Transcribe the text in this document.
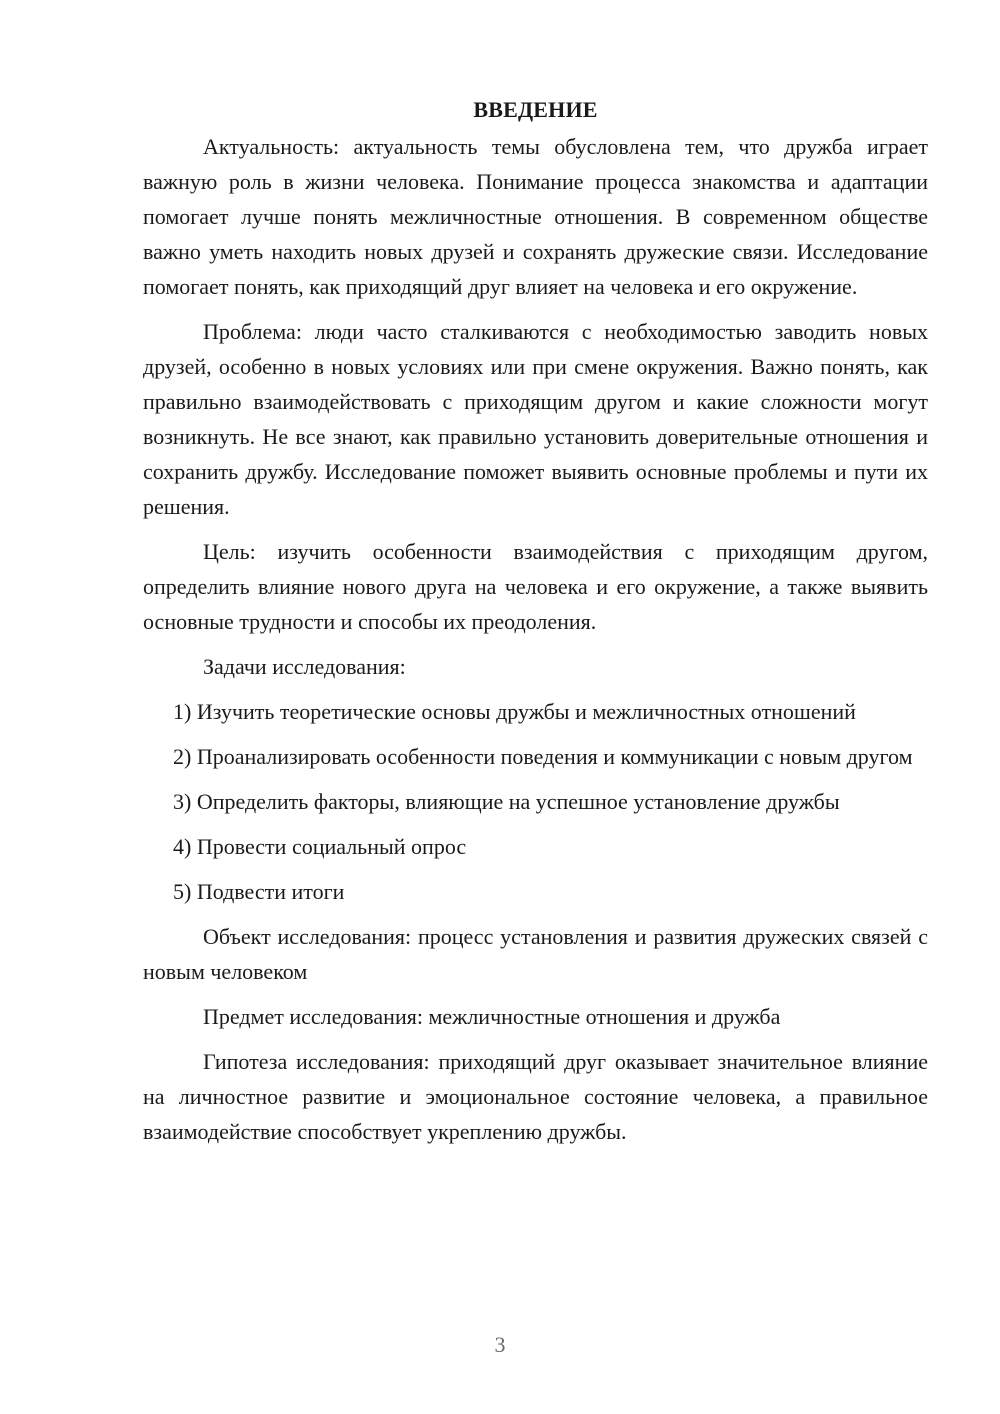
ВВЕДЕНИЕ

Актуальность: актуальность темы обусловлена тем, что дружба играет важную роль в жизни человека. Понимание процесса знакомства и адаптации помогает лучше понять межличностные отношения. В современном обществе важно уметь находить новых друзей и сохранять дружеские связи. Исследование помогает понять, как приходящий друг влияет на человека и его окружение.

Проблема: люди часто сталкиваются с необходимостью заводить новых друзей, особенно в новых условиях или при смене окружения. Важно понять, как правильно взаимодействовать с приходящим другом и какие сложности могут возникнуть. Не все знают, как правильно установить доверительные отношения и сохранить дружбу. Исследование поможет выявить основные проблемы и пути их решения.

Цель: изучить особенности взаимодействия с приходящим другом, определить влияние нового друга на человека и его окружение, а также выявить основные трудности и способы их преодоления.

Задачи исследования:

1) Изучить теоретические основы дружбы и межличностных отношений

2) Проанализировать особенности поведения и коммуникации с новым другом

3) Определить факторы, влияющие на успешное установление дружбы

4) Провести социальный опрос

5) Подвести итоги

Объект исследования: процесс установления и развития дружеских связей с новым человеком

Предмет исследования: межличностные отношения и дружба

Гипотеза исследования: приходящий друг оказывает значительное влияние на личностное развитие и эмоциональное состояние человека, а правильное взаимодействие способствует укреплению дружбы.

3
